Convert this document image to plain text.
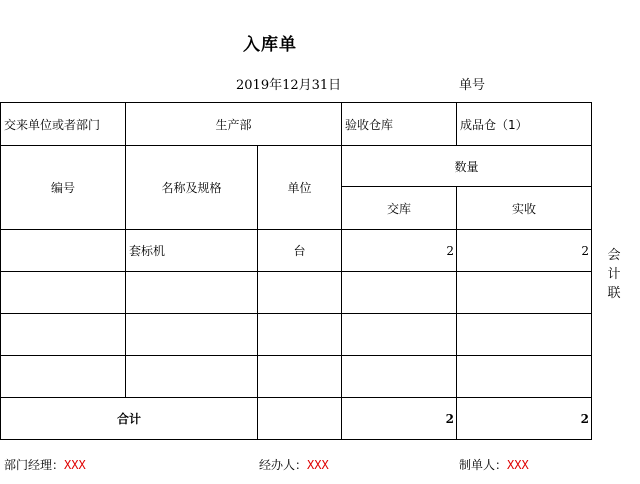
入库单
2019年12月31日	单号
交来单位或者部门	生产部		验收仓库	成品仓（1）
编号	名称及规格	单位	数量	
			交库	实收
	套标机	台	2	2

合计			2	2
会
计
联
部门经理：XXX	经办人：XXX	制单人：XXX
